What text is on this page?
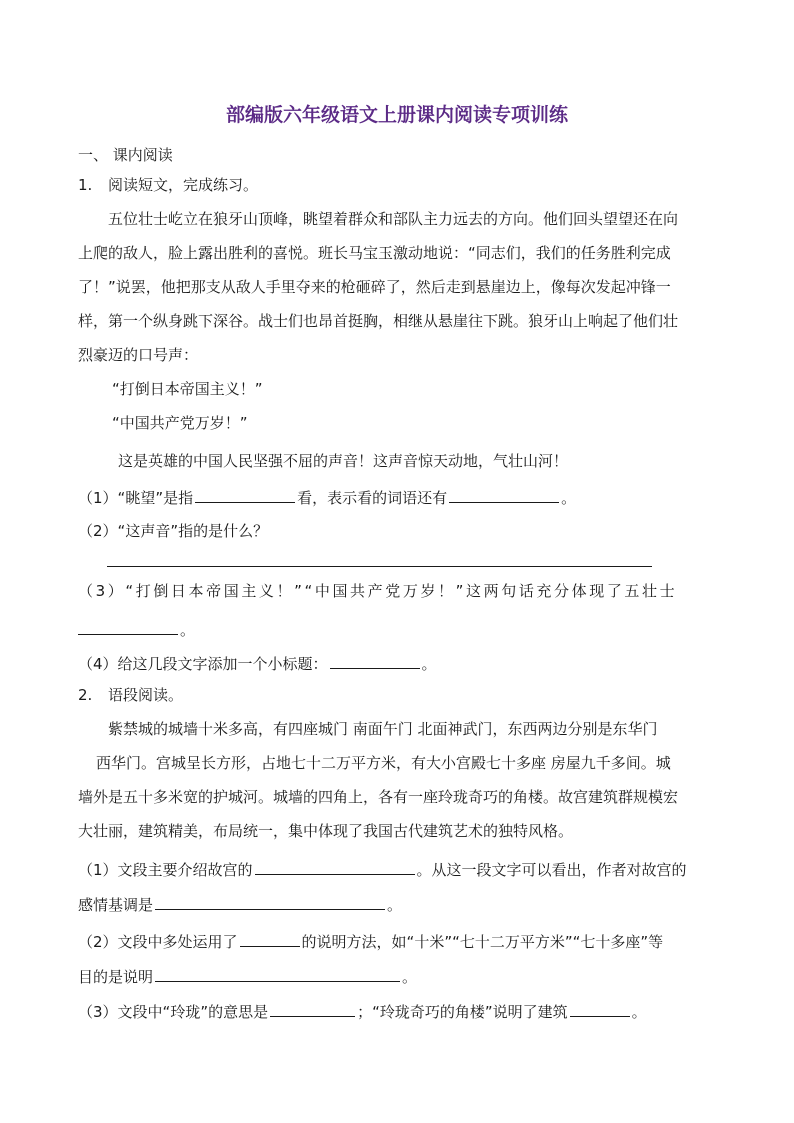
部编版六年级语文上册课内阅读专项训练
一、 课内阅读
1. 阅读短文，完成练习。
五位壮士屹立在狼牙山顶峰，眺望着群众和部队主力远去的方向。他们回头望望还在向
上爬的敌人，脸上露出胜利的喜悦。班长马宝玉激动地说：“同志们，我们的任务胜利完成
了！”说罢，他把那支从敌人手里夺来的枪砸碎了，然后走到悬崖边上，像每次发起冲锋一
样，第一个纵身跳下深谷。战士们也昂首挺胸，相继从悬崖往下跳。狼牙山上响起了他们壮
烈豪迈的口号声：
“打倒日本帝国主义！”
“中国共产党万岁！”
这是英雄的中国人民坚强不屈的声音！这声音惊天动地，气壮山河！
（1）“眺望”是指	看，表示看的词语还有	。
（2）“这声音”指的是什么？
（3）“打倒日本帝国主义！”“中国共产党万岁！”这两句话充分体现了五壮士
。
（4）给这几段文字添加一个小标题：	。
2. 语段阅读。
紫禁城的城墙十米多高，有四座城门 南面午门 北面神武门，东西两边分别是东华门
西华门。宫城呈长方形，占地七十二万平方米，有大小宫殿七十多座 房屋九千多间。城
墙外是五十多米宽的护城河。城墙的四角上，各有一座玲珑奇巧的角楼。故宫建筑群规模宏
大壮丽，建筑精美，布局统一，集中体现了我国古代建筑艺术的独特风格。
（1）文段主要介绍故宫的	。从这一段文字可以看出，作者对故宫的
感情基调是	。
（2）文段中多处运用了	的说明方法，如“十米”“七十二万平方米”“七十多座”等
目的是说明	。
（3）文段中“玲珑”的意思是	；“玲珑奇巧的角楼”说明了建筑	。
